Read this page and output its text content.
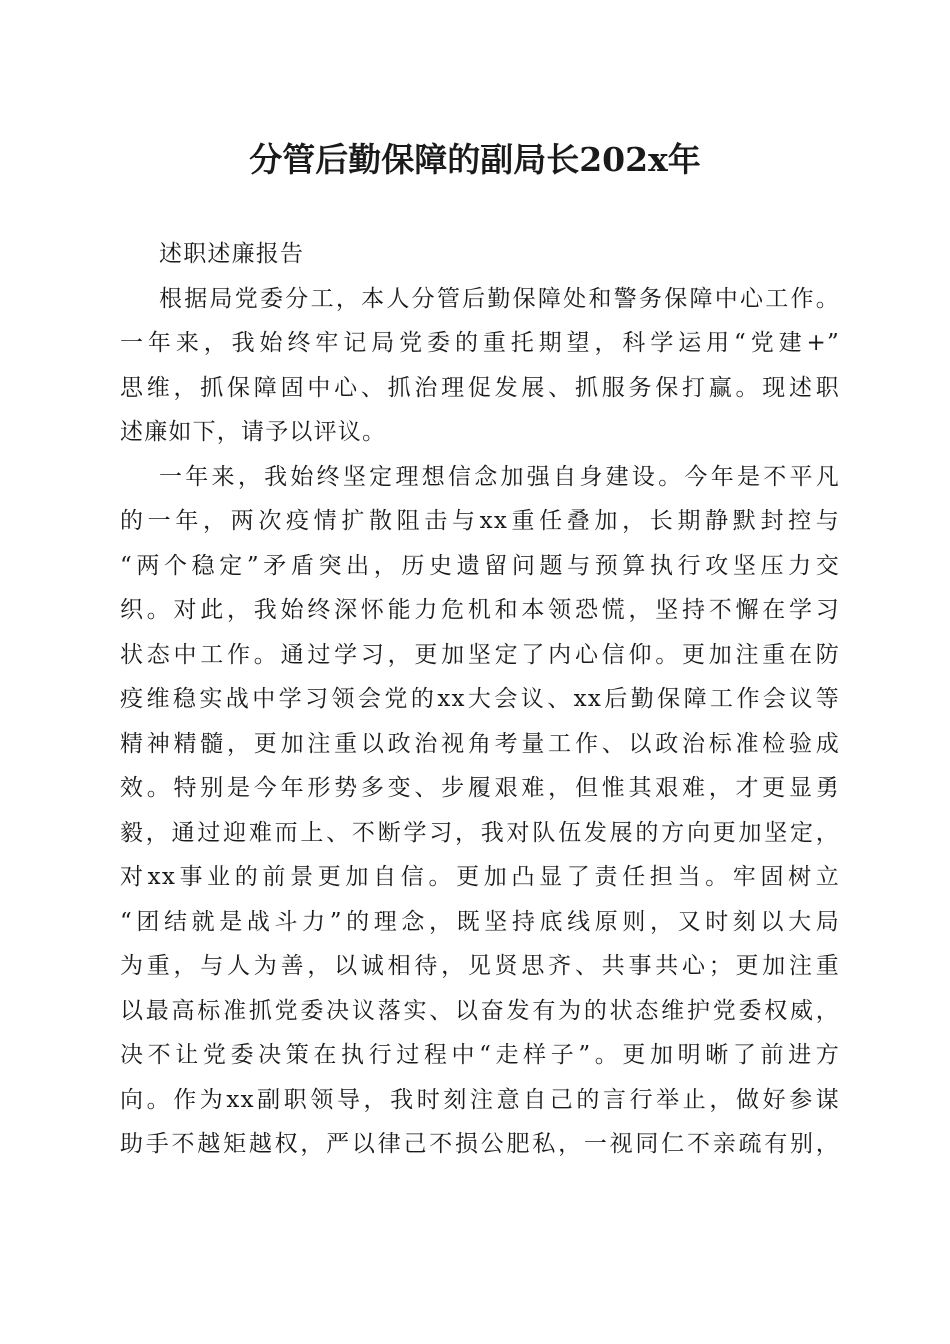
分管后勤保障的副局长202x年
述职述廉报告
根据局党委分工，本人分管后勤保障处和警务保障中心工作。
一年来，我始终牢记局党委的重托期望，科学运用“党建+”
思维，抓保障固中心、抓治理促发展、抓服务保打赢。现述职
述廉如下，请予以评议。
一年来，我始终坚定理想信念加强自身建设。今年是不平凡
的一年，两次疫情扩散阻击与xx重任叠加，长期静默封控与
“两个稳定”矛盾突出，历史遗留问题与预算执行攻坚压力交
织。对此，我始终深怀能力危机和本领恐慌，坚持不懈在学习
状态中工作。通过学习，更加坚定了内心信仰。更加注重在防
疫维稳实战中学习领会党的xx大会议、xx后勤保障工作会议等
精神精髓，更加注重以政治视角考量工作、以政治标准检验成
效。特别是今年形势多变、步履艰难，但惟其艰难，才更显勇
毅，通过迎难而上、不断学习，我对队伍发展的方向更加坚定，
对xx事业的前景更加自信。更加凸显了责任担当。牢固树立
“团结就是战斗力”的理念，既坚持底线原则，又时刻以大局
为重，与人为善，以诚相待，见贤思齐、共事共心；更加注重
以最高标准抓党委决议落实、以奋发有为的状态维护党委权威，
决不让党委决策在执行过程中“走样子”。更加明晰了前进方
向。作为xx副职领导，我时刻注意自己的言行举止，做好参谋
助手不越矩越权，严以律己不损公肥私，一视同仁不亲疏有别，
